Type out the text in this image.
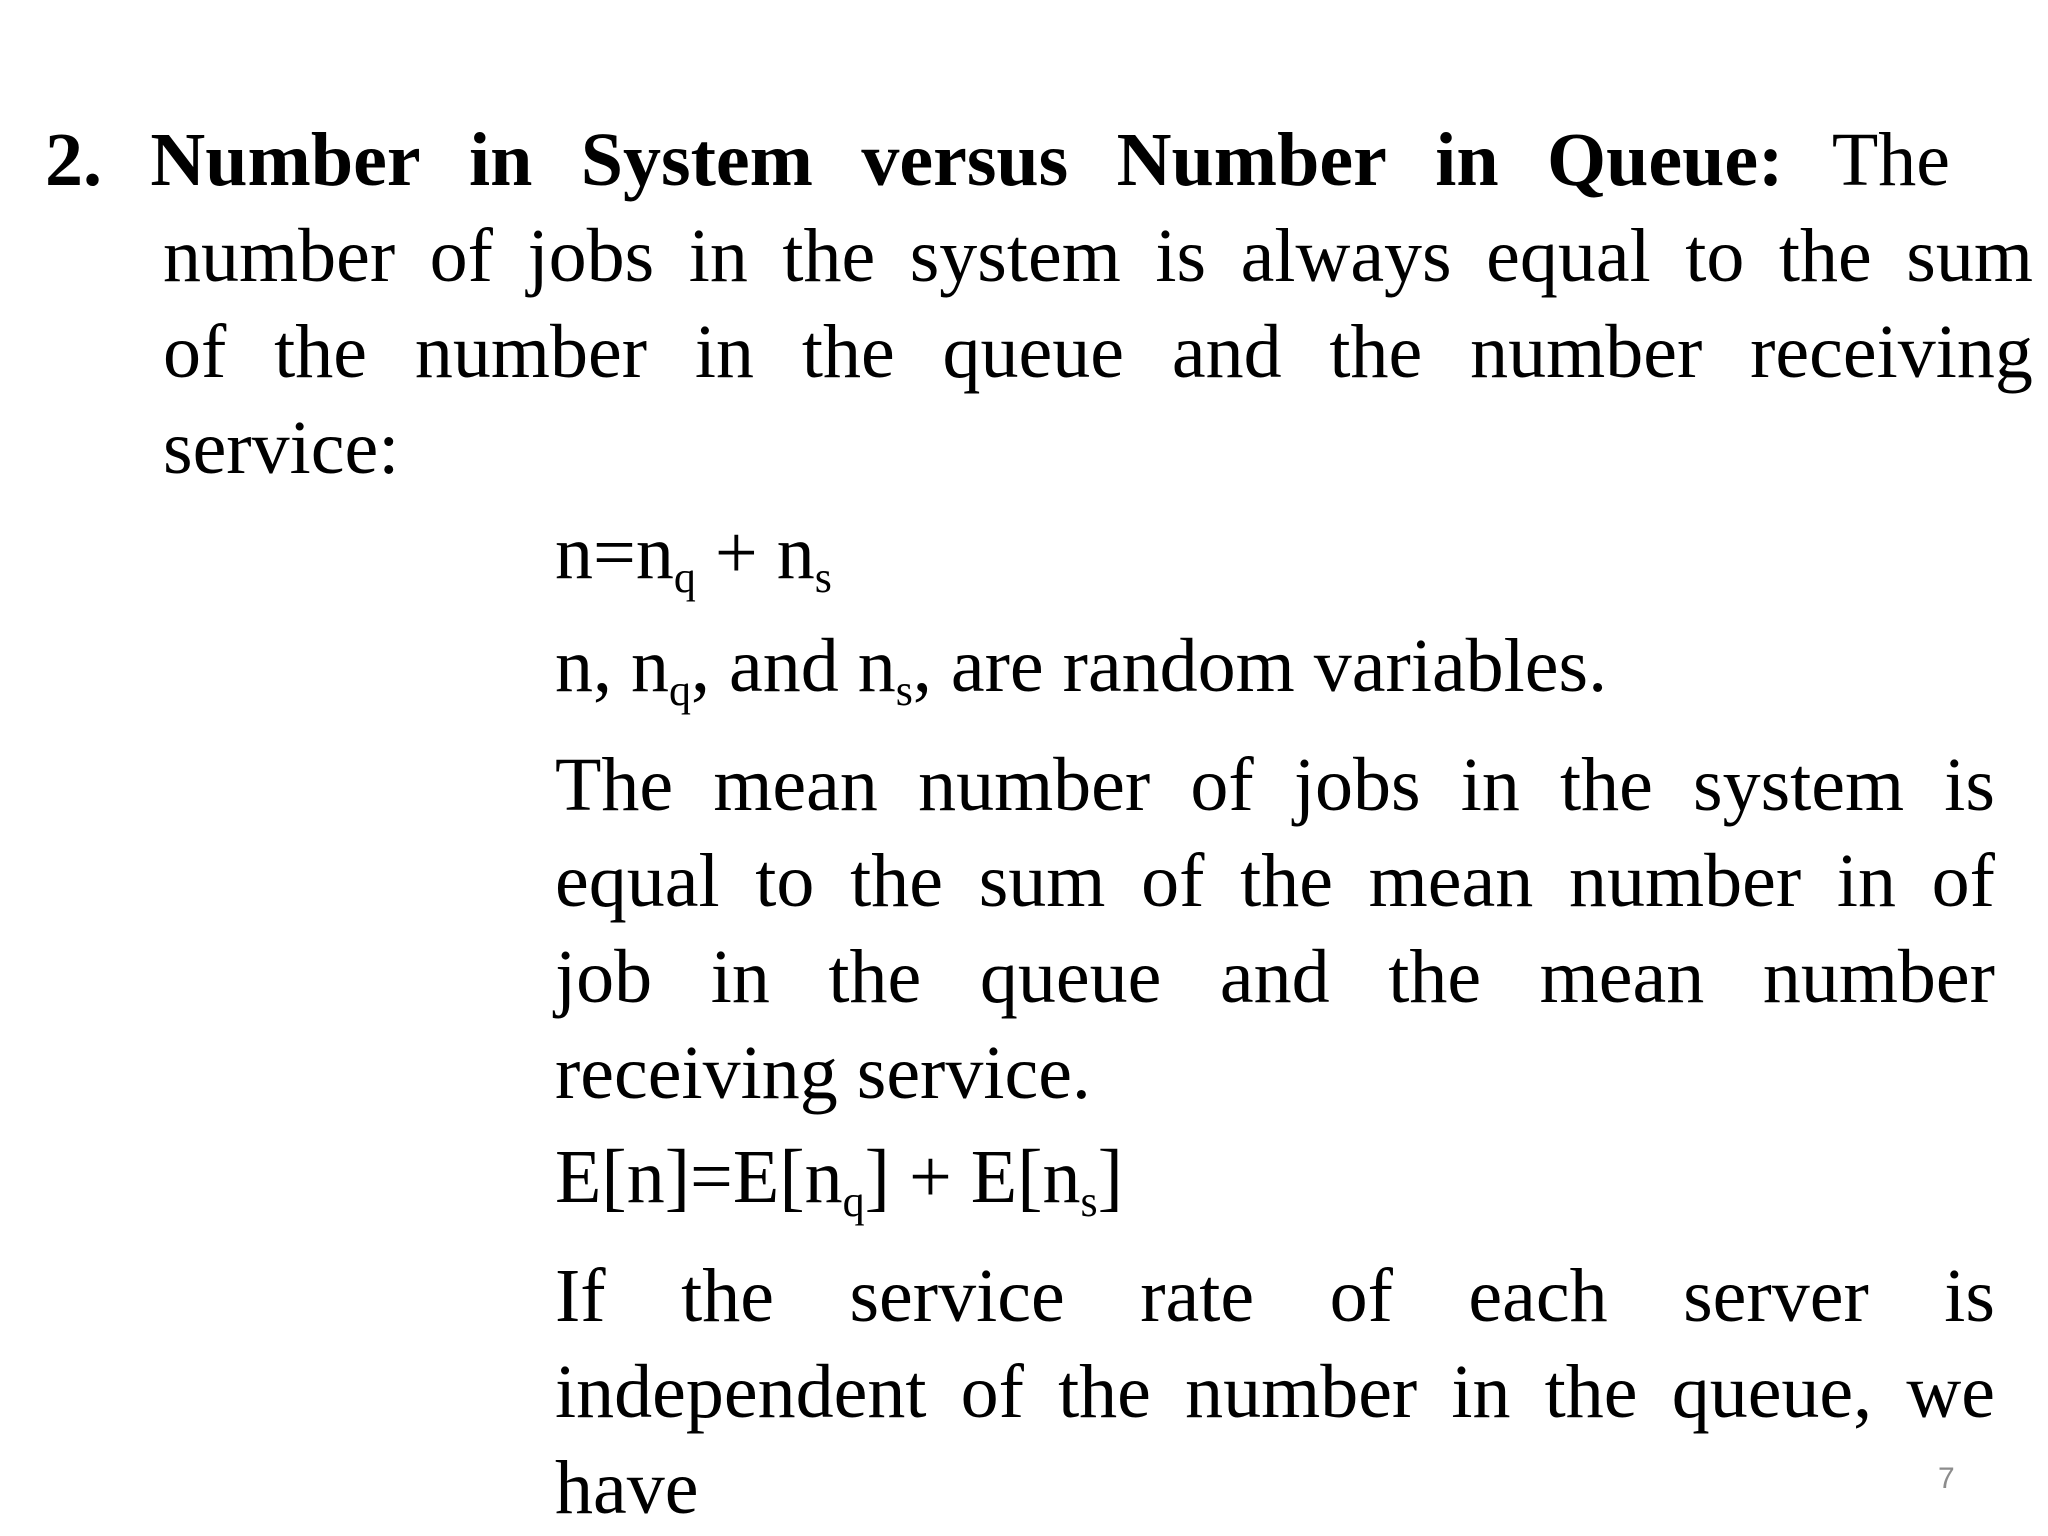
2. Number in System versus Number in Queue: The
number of jobs in the system is always equal to the sum
of the number in the queue and the number receiving
service:
$n=n_q + n_s$
n, $n_q$, and $n_s$, are random variables.
The mean number of jobs in the system is
equal to the sum of the mean number in of
job in the queue and the mean number
receiving service.
$E[n]=E[n_q] + E[n_s]$
If the service rate of each server is
independent of the number in the queue, we
have	7
